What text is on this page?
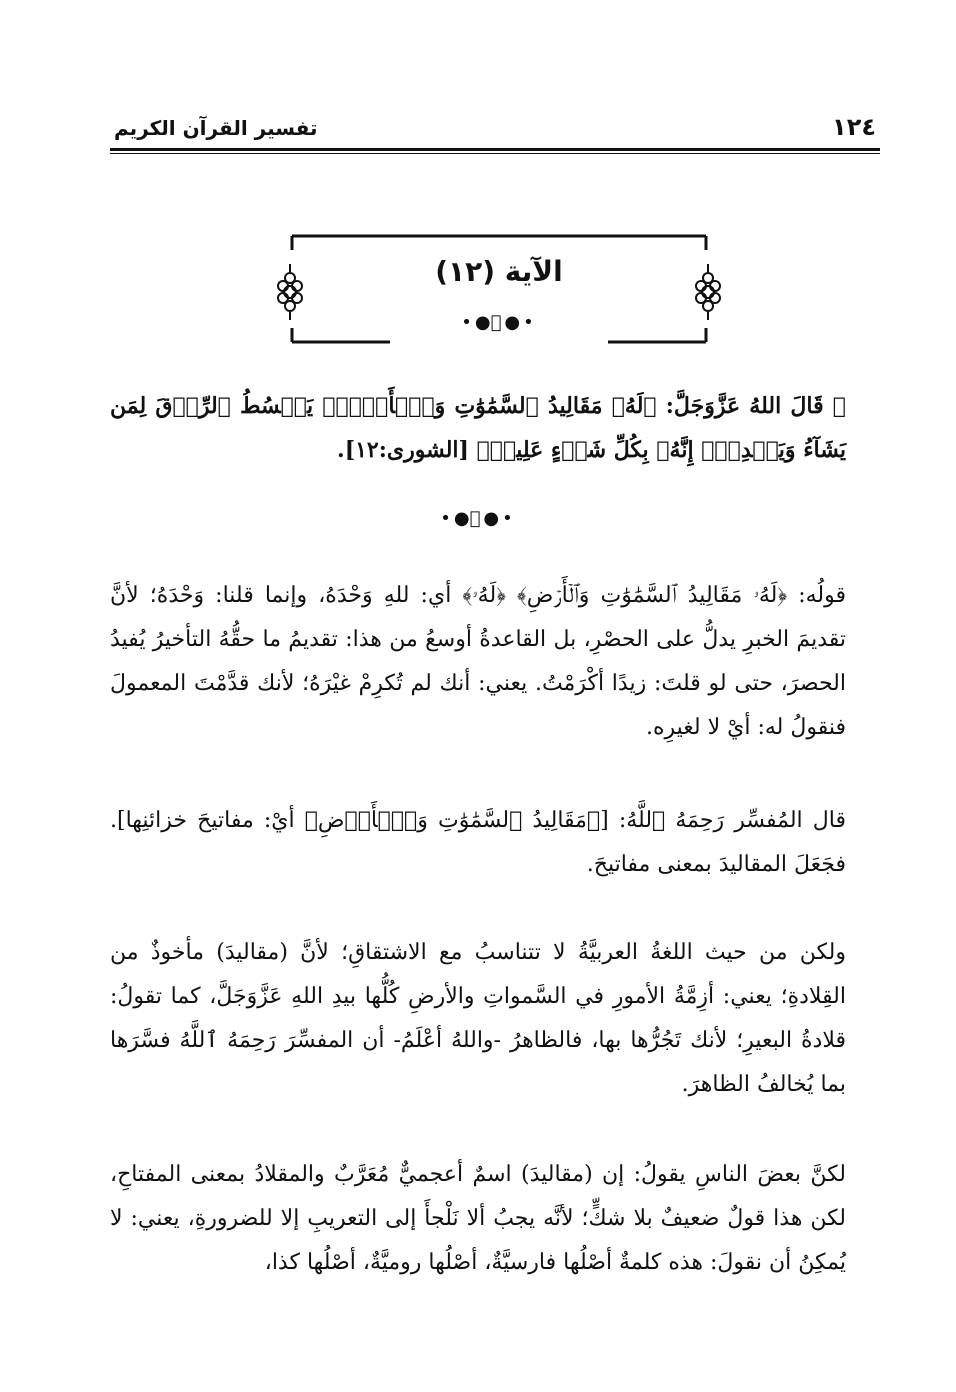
١٢٤
تفسير القرآن الكريم
الآية (١٢)
•●ေ●•
۞ قَالَ اللهُ عَزَّوَجَلَّ: ﴿لَهُۥ مَقَالِيدُ ٱلسَّمَٰوَٰتِ وَٱلۡأَرۡضِۖ يَبۡسُطُ ٱلرِّزۡقَ لِمَن يَشَآءُ وَيَقۡدِرُۚ إِنَّهُۥ بِكُلِّ شَيۡءٍ عَلِيمٞ﴾ [الشورى:١٢].
•●ေ●•
قولُه: ﴿لَهُۥ مَقَالِيدُ ٱلسَّمَٰوَٰتِ وَٱلۡأَرۡضِ﴾ ﴿لَهُۥ﴾ أي: للهِ وَحْدَهُ، وإنما قلنا: وَحْدَهُ؛ لأنَّ تقديمَ الخبرِ يدلُّ على الحصْرِ، بل القاعدةُ أوسعُ من هذا: تقديمُ ما حقُّهُ التأخيرُ يُفيدُ الحصرَ، حتى لو قلتَ: زيدًا أكْرَمْتُ. يعني: أنك لم تُكرِمْ غيْرَهُ؛ لأنك قدَّمْتَ المعمولَ فنقولُ له: أيْ لا لغيرِه.
قال المُفسِّر رَحِمَهُ ٱللَّهُ: [﴿مَقَالِيدُ ٱلسَّمَٰوَٰتِ وَٱلۡأَرۡضِ﴾ أيْ: مفاتيحَ خزائنِها]. فجَعَلَ المقاليدَ بمعنى مفاتيحَ.
ولكن من حيث اللغةُ العربيَّةُ لا تتناسبُ مع الاشتقاقِ؛ لأنَّ (مقاليدَ) مأخوذٌ من القِلادةِ؛ يعني: أزِمَّةُ الأمورِ في السَّمواتِ والأرضِ كُلُّها بيدِ اللهِ عَزَّوَجَلَّ، كما تقولُ: قلادةُ البعيرِ؛ لأنك تَجُرُّها بها، فالظاهرُ -واللهُ أعْلَمُ- أن المفسِّرَ رَحِمَهُ ٱللَّهُ فسَّرَها بما يُخالفُ الظاهرَ.
لكنَّ بعضَ الناسِ يقولُ: إن (مقاليدَ) اسمٌ أعجميٌّ مُعَرَّبٌ والمقلادُ بمعنى المفتاحِ، لكن هذا قولٌ ضعيفٌ بلا شكٍّ؛ لأنَّه يجبُ ألا نَلْجأَ إلى التعريبِ إلا للضرورةِ، يعني: لا يُمكِنُ أن نقولَ: هذه كلمةٌ أصْلُها فارسيَّةٌ، أصْلُها روميَّةٌ، أصْلُها كذا،
